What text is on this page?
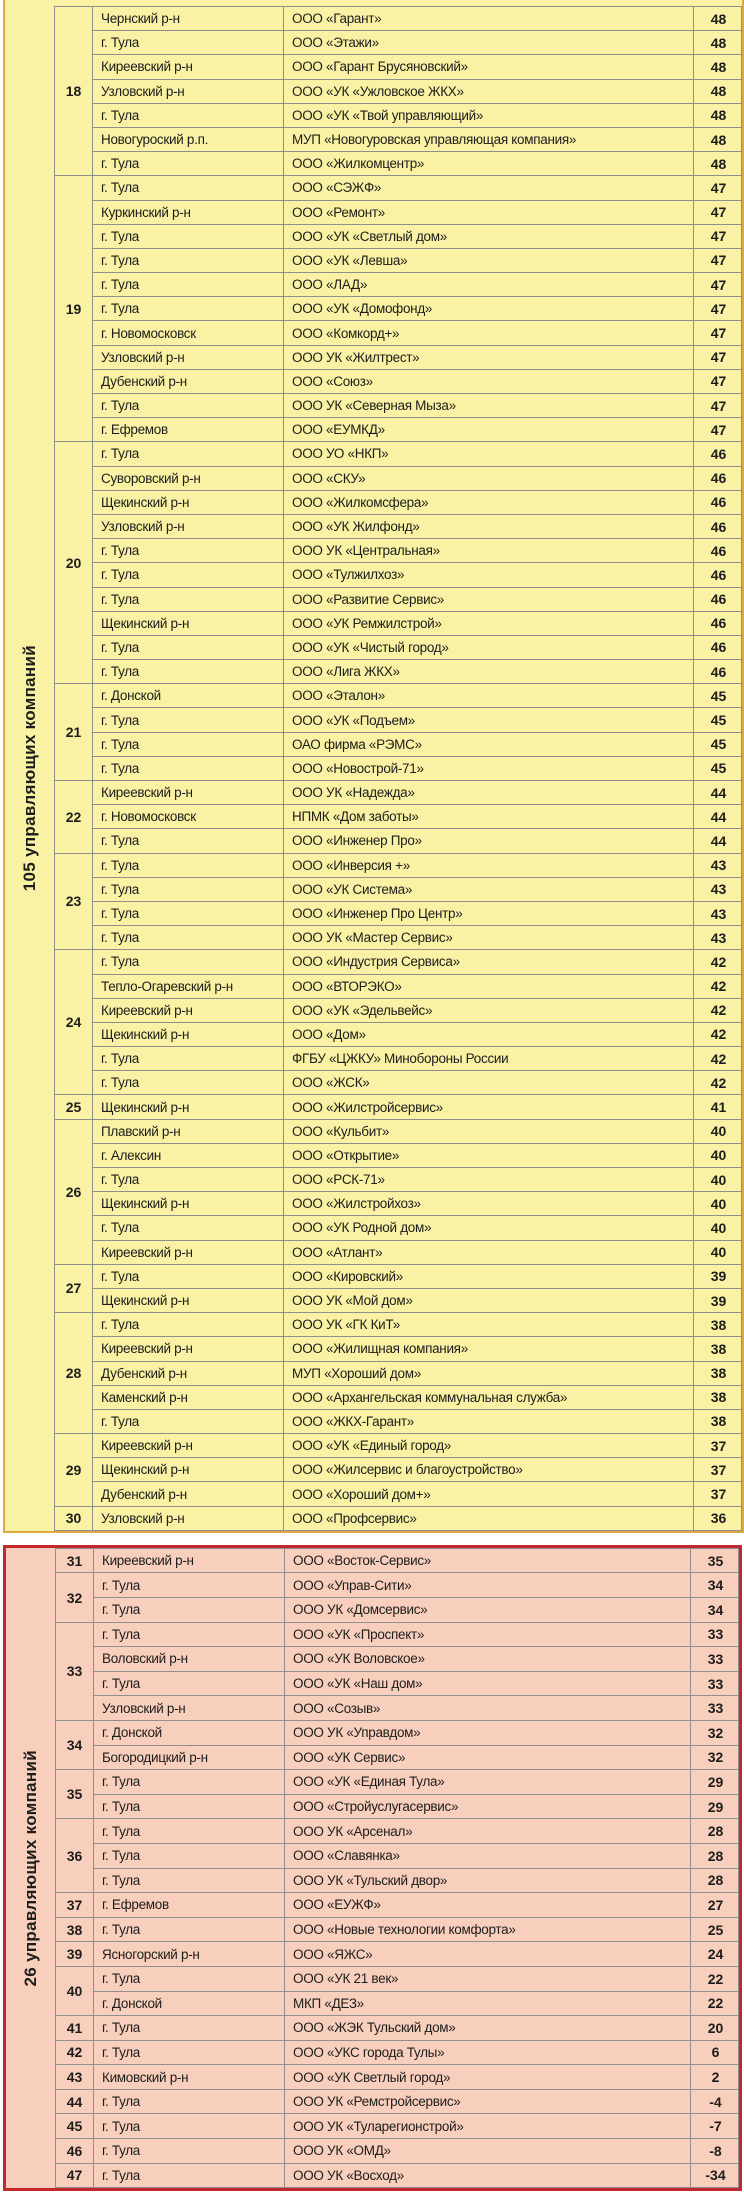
105 управляющих компаний
18	Чернский р-н	ООО «Гарант»	48
	г. Тула	ООО «Этажи»	48
	Киреевский р-н	ООО «Гарант Брусяновский»	48
	Узловский р-н	ООО «УК «Ужловское ЖКХ»	48
	г. Тула	ООО «УК «Твой управляющий»	48
	Новогуроский р.п.	МУП «Новогуровская управляющая компания»	48
	г. Тула	ООО «Жилкомцентр»	48
19	г. Тула	ООО «СЭЖФ»	47
	Куркинский р-н	ООО «Ремонт»	47
	г. Тула	ООО «УК «Светлый дом»	47
	г. Тула	ООО «УК «Левша»	47
	г. Тула	ООО «ЛАД»	47
	г. Тула	ООО «УК «Домофонд»	47
	г. Новомосковск	ООО «Комкорд+»	47
	Узловский р-н	ООО УК «Жилтрест»	47
	Дубенский р-н	ООО «Союз»	47
	г. Тула	ООО УК «Северная Мыза»	47
	г. Ефремов	ООО «ЕУМКД»	47
20	г. Тула	ООО УО «НКП»	46
	Суворовский р-н	ООО «СКУ»	46
	Щекинский р-н	ООО «Жилкомсфера»	46
	Узловский р-н	ООО «УК Жилфонд»	46
	г. Тула	ООО УК «Центральная»	46
	г. Тула	ООО «Тулжилхоз»	46
	г. Тула	ООО «Развитие Сервис»	46
	Щекинский р-н	ООО «УК Ремжилстрой»	46
	г. Тула	ООО «УК «Чистый город»	46
	г. Тула	ООО «Лига ЖКХ»	46
21	г. Донской	ООО «Эталон»	45
	г. Тула	ООО «УК «Подъем»	45
	г. Тула	ОАО фирма «РЭМС»	45
	г. Тула	ООО «Новострой-71»	45
22	Киреевский р-н	ООО УК «Надежда»	44
	г. Новомосковск	НПМК «Дом заботы»	44
	г. Тула	ООО «Инженер Про»	44
23	г. Тула	ООО «Инверсия +»	43
	г. Тула	ООО «УК Система»	43
	г. Тула	ООО «Инженер Про Центр»	43
	г. Тула	ООО УК «Мастер Сервис»	43
24	г. Тула	ООО «Индустрия Сервиса»	42
	Тепло-Огаревский р-н	ООО «ВТОРЭКО»	42
	Киреевский р-н	ООО «УК «Эдельвейс»	42
	Щекинский р-н	ООО «Дом»	42
	г. Тула	ФГБУ «ЦЖКУ» Минобороны России	42
	г. Тула	ООО «ЖСК»	42
25	Щекинский р-н	ООО «Жилстройсервис»	41
26	Плавский р-н	ООО «Кульбит»	40
	г. Алексин	ООО «Открытие»	40
	г. Тула	ООО «РСК-71»	40
	Щекинский р-н	ООО «Жилстройхоз»	40
	г. Тула	ООО «УК Родной дом»	40
	Киреевский р-н	ООО «Атлант»	40
27	г. Тула	ООО «Кировский»	39
	Щекинский р-н	ООО УК «Мой дом»	39
28	г. Тула	ООО УК «ГК КиТ»	38
	Киреевский р-н	ООО «Жилищная компания»	38
	Дубенский р-н	МУП «Хороший дом»	38
	Каменский р-н	ООО «Архангельская коммунальная служба»	38
	г. Тула	ООО «ЖКХ-Гарант»	38
29	Киреевский р-н	ООО «УК «Единый город»	37
	Щекинский р-н	ООО «Жилсервис и благоустройство»	37
	Дубенский р-н	ООО «Хороший дом+»	37
30	Узловский р-н	ООО «Профсервис»	36
26 управляющих компаний
31	Киреевский р-н	ООО «Восток-Сервис»	35
32	г. Тула	ООО «Управ-Сити»	34
	г. Тула	ООО УК «Домсервис»	34
33	г. Тула	ООО «УК «Проспект»	33
	Воловский р-н	ООО «УК Воловское»	33
	г. Тула	ООО «УК «Наш дом»	33
	Узловский р-н	ООО «Созыв»	33
34	г. Донской	ООО УК «Управдом»	32
	Богородицкий р-н	ООО «УК Сервис»	32
35	г. Тула	ООО «УК «Единая Тула»	29
	г. Тула	ООО «Стройуслугасервис»	29
36	г. Тула	ООО УК «Арсенал»	28
	г. Тула	ООО «Славянка»	28
	г. Тула	ООО УК «Тульский двор»	28
37	г. Ефремов	ООО «ЕУЖФ»	27
38	г. Тула	ООО «Новые технологии комфорта»	25
39	Ясногорский р-н	ООО «ЯЖС»	24
40	г. Тула	ООО «УК 21 век»	22
	г. Донской	МКП «ДЕЗ»	22
41	г. Тула	ООО «ЖЭК Тульский дом»	20
42	г. Тула	ООО «УКС города Тулы»	6
43	Кимовский р-н	ООО «УК Светлый город»	2
44	г. Тула	ООО УК «Ремстройсервис»	-4
45	г. Тула	ООО УК «Туларегионстрой»	-7
46	г. Тула	ООО УК «ОМД»	-8
47	г. Тула	ООО УК «Восход»	-34
